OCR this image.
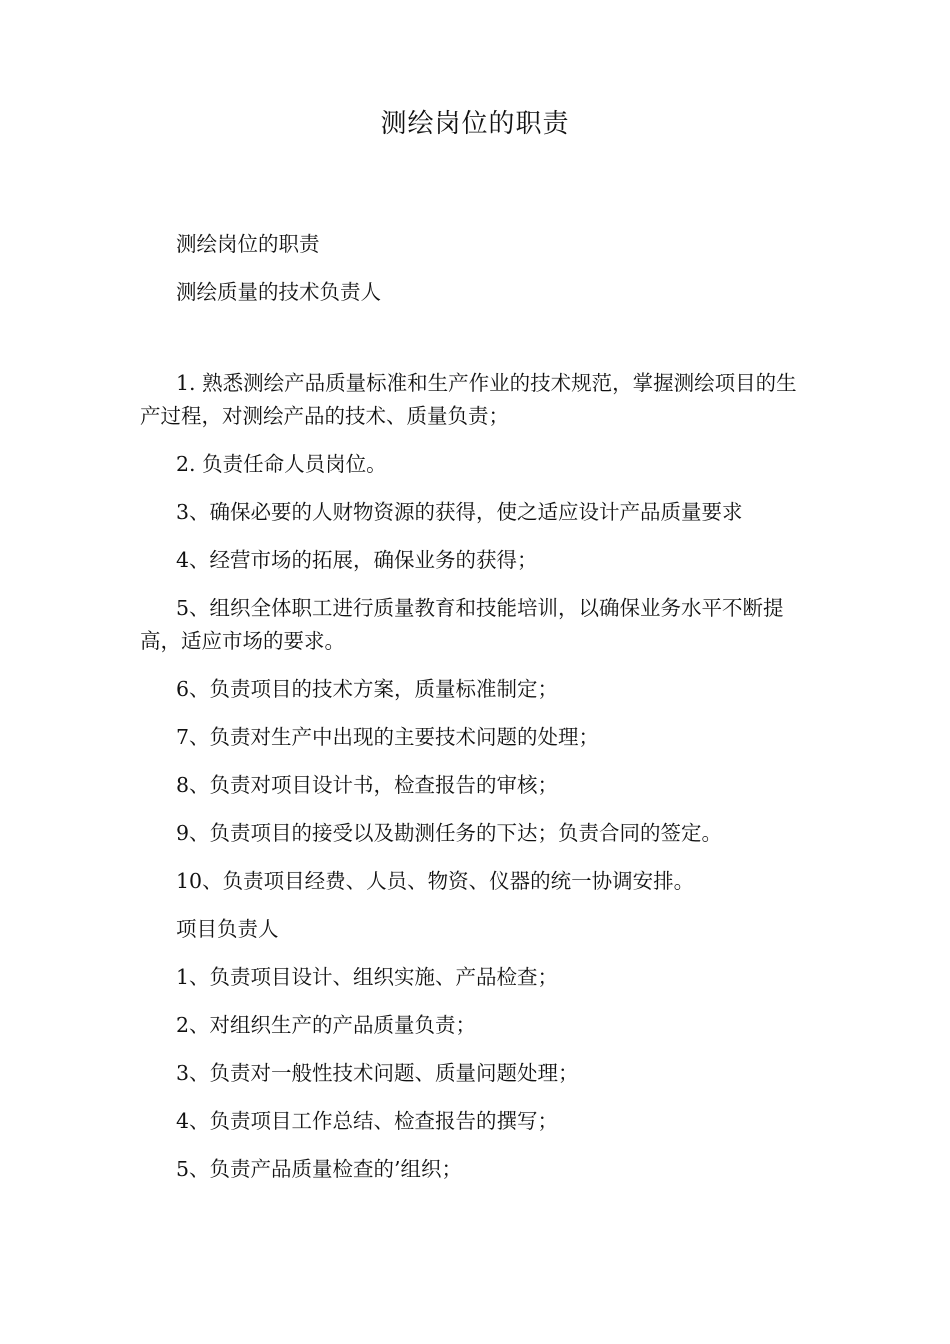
测绘岗位的职责

测绘岗位的职责

测绘质量的技术负责人

1. 熟悉测绘产品质量标准和生产作业的技术规范，掌握测绘项目的生产过程，对测绘产品的技术、质量负责；

2. 负责任命人员岗位。

3、确保必要的人财物资源的获得，使之适应设计产品质量要求

4、经营市场的拓展，确保业务的获得；

5、组织全体职工进行质量教育和技能培训，以确保业务水平不断提高，适应市场的要求。

6、负责项目的技术方案，质量标准制定；

7、负责对生产中出现的主要技术问题的处理；

8、负责对项目设计书，检查报告的审核；

9、负责项目的接受以及勘测任务的下达；负责合同的签定。

10、负责项目经费、人员、物资、仪器的统一协调安排。

项目负责人

1、负责项目设计、组织实施、产品检查；

2、对组织生产的产品质量负责；

3、负责对一般性技术问题、质量问题处理；

4、负责项目工作总结、检查报告的撰写；

5、负责产品质量检查的’组织；
